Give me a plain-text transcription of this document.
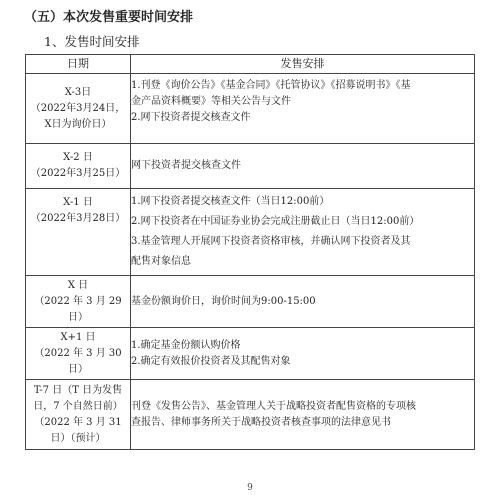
（五）本次发售重要时间安排
1、发售时间安排
日期	发售安排

X-3日
（2022年3月24日，
X日为询价日）	1.刊登《询价公告》《基金合同》《托管协议》《招募说明书》《基
金产品资料概要》等相关公告与文件
2.网下投资者提交核查文件

X-2 日
（2022年3月25日）	网下投资者提交核查文件

X-1 日
（2022年3月28日）	1.网下投资者提交核查文件（当日12:00前）
2.网下投资者在中国证券业协会完成注册截止日（当日12:00前）
3.基金管理人开展网下投资者资格审核，并确认网下投资者及其
配售对象信息

X 日
（2022 年 3 月 29
日）	基金份额询价日，询价时间为9:00-15:00

X+1 日
（2022 年 3 月 30
日）	1.确定基金份额认购价格
2.确定有效报价投资者及其配售对象

T-7 日（T 日为发售
日，7 个自然日前）
（2022 年 3 月 31
日）（预计）	刊登《发售公告》、基金管理人关于战略投资者配售资格的专项核
查报告、律师事务所关于战略投资者核查事项的法律意见书
9
